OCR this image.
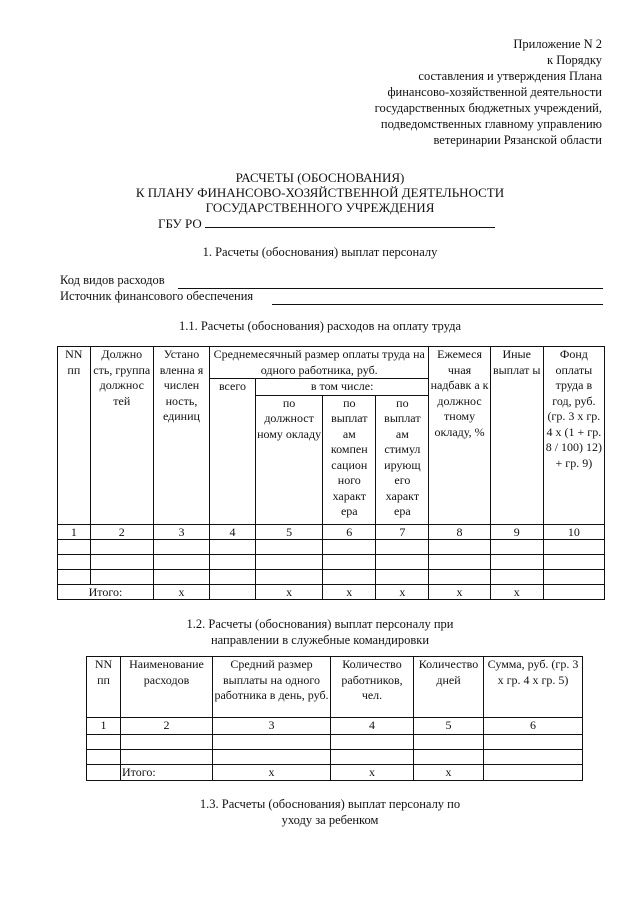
Приложение N 2
к Порядку
составления и утверждения Плана
финансово-хозяйственной деятельности
государственных бюджетных учреждений,
подведомственных главному управлению
ветеринарии Рязанской области
РАСЧЕТЫ (ОБОСНОВАНИЯ)
К ПЛАНУ ФИНАНСОВО-ХОЗЯЙСТВЕННОЙ ДЕЯТЕЛЬНОСТИ
ГОСУДАРСТВЕННОГО УЧРЕЖДЕНИЯ
ГБУ РО
1. Расчеты (обоснования) выплат персоналу
Код видов расходов
Источник финансового обеспечения
1.1. Расчеты (обоснования) расходов на оплату труда
NN пп	Должно сть, группа должнос тей	Устано вленна я числен ность, единиц	Среднемесячный размер оплаты труда на одного работника, руб.				Ежемеся чная надбавк а к должнос тному окладу, %	Иные выплат ы	Фонд оплаты труда в год, руб. (гр. 3 x гр. 4 x (1 + гр. 8 / 100) 12) + гр. 9)
			всего	в том числе:					
				по должност ному окладу	по выплат ам компен сацион ного характ ера	по выплат ам стимул ирующ его характ ера			
1	2	3	4	5	6	7	8	9	10

Итого:		x		x	x	x	x	x	
1.2. Расчеты (обоснования) выплат персоналу при
направлении в служебные командировки
NN пп	Наименование расходов	Средний размер выплаты на одного работника в день, руб.	Количество работников, чел.	Количество дней	Сумма, руб. (гр. 3 x гр. 4 x гр. 5)
1	2	3	4	5	6

	Итого:	x	x	x	
1.3. Расчеты (обоснования) выплат персоналу по
уходу за ребенком
